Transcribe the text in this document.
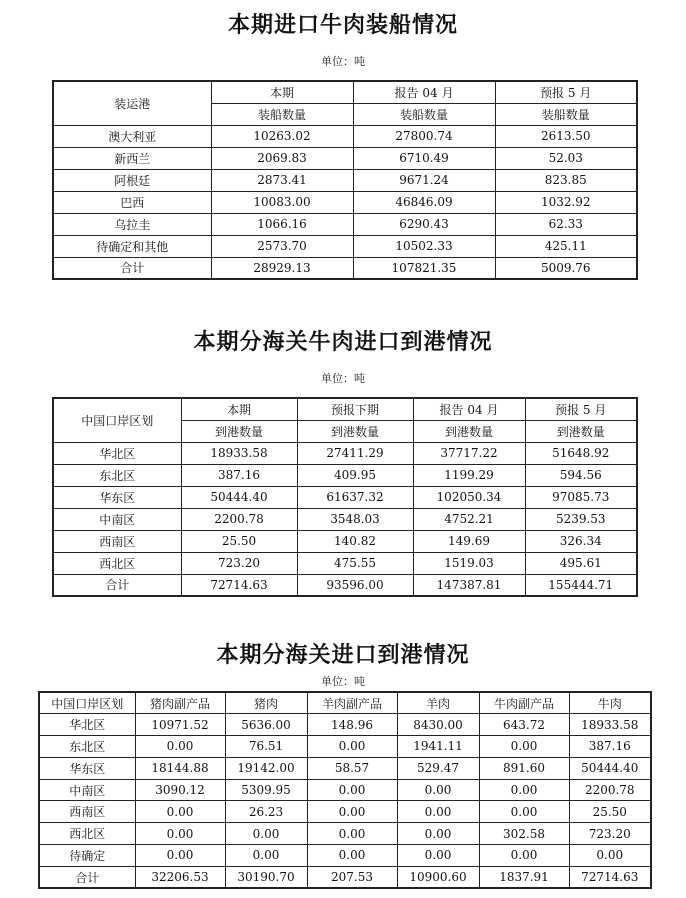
本期进口牛肉装船情况
单位：吨
装运港	本期	报告 04 月	预报 5 月
	装船数量	装船数量	装船数量
澳大利亚	10263.02	27800.74	2613.50
新西兰	2069.83	6710.49	52.03
阿根廷	2873.41	9671.24	823.85
巴西	10083.00	46846.09	1032.92
乌拉圭	1066.16	6290.43	62.33
待确定和其他	2573.70	10502.33	425.11
合计	28929.13	107821.35	5009.76
本期分海关牛肉进口到港情况
单位：吨
中国口岸区划	本期	预报下期	报告 04 月	预报 5 月
	到港数量	到港数量	到港数量	到港数量
华北区	18933.58	27411.29	37717.22	51648.92
东北区	387.16	409.95	1199.29	594.56
华东区	50444.40	61637.32	102050.34	97085.73
中南区	2200.78	3548.03	4752.21	5239.53
西南区	25.50	140.82	149.69	326.34
西北区	723.20	475.55	1519.03	495.61
合计	72714.63	93596.00	147387.81	155444.71
本期分海关进口到港情况
单位：吨
中国口岸区划	猪肉副产品	猪肉	羊肉副产品	羊肉	牛肉副产品	牛肉
华北区	10971.52	5636.00	148.96	8430.00	643.72	18933.58
东北区	0.00	76.51	0.00	1941.11	0.00	387.16
华东区	18144.88	19142.00	58.57	529.47	891.60	50444.40
中南区	3090.12	5309.95	0.00	0.00	0.00	2200.78
西南区	0.00	26.23	0.00	0.00	0.00	25.50
西北区	0.00	0.00	0.00	0.00	302.58	723.20
待确定	0.00	0.00	0.00	0.00	0.00	0.00
合计	32206.53	30190.70	207.53	10900.60	1837.91	72714.63
